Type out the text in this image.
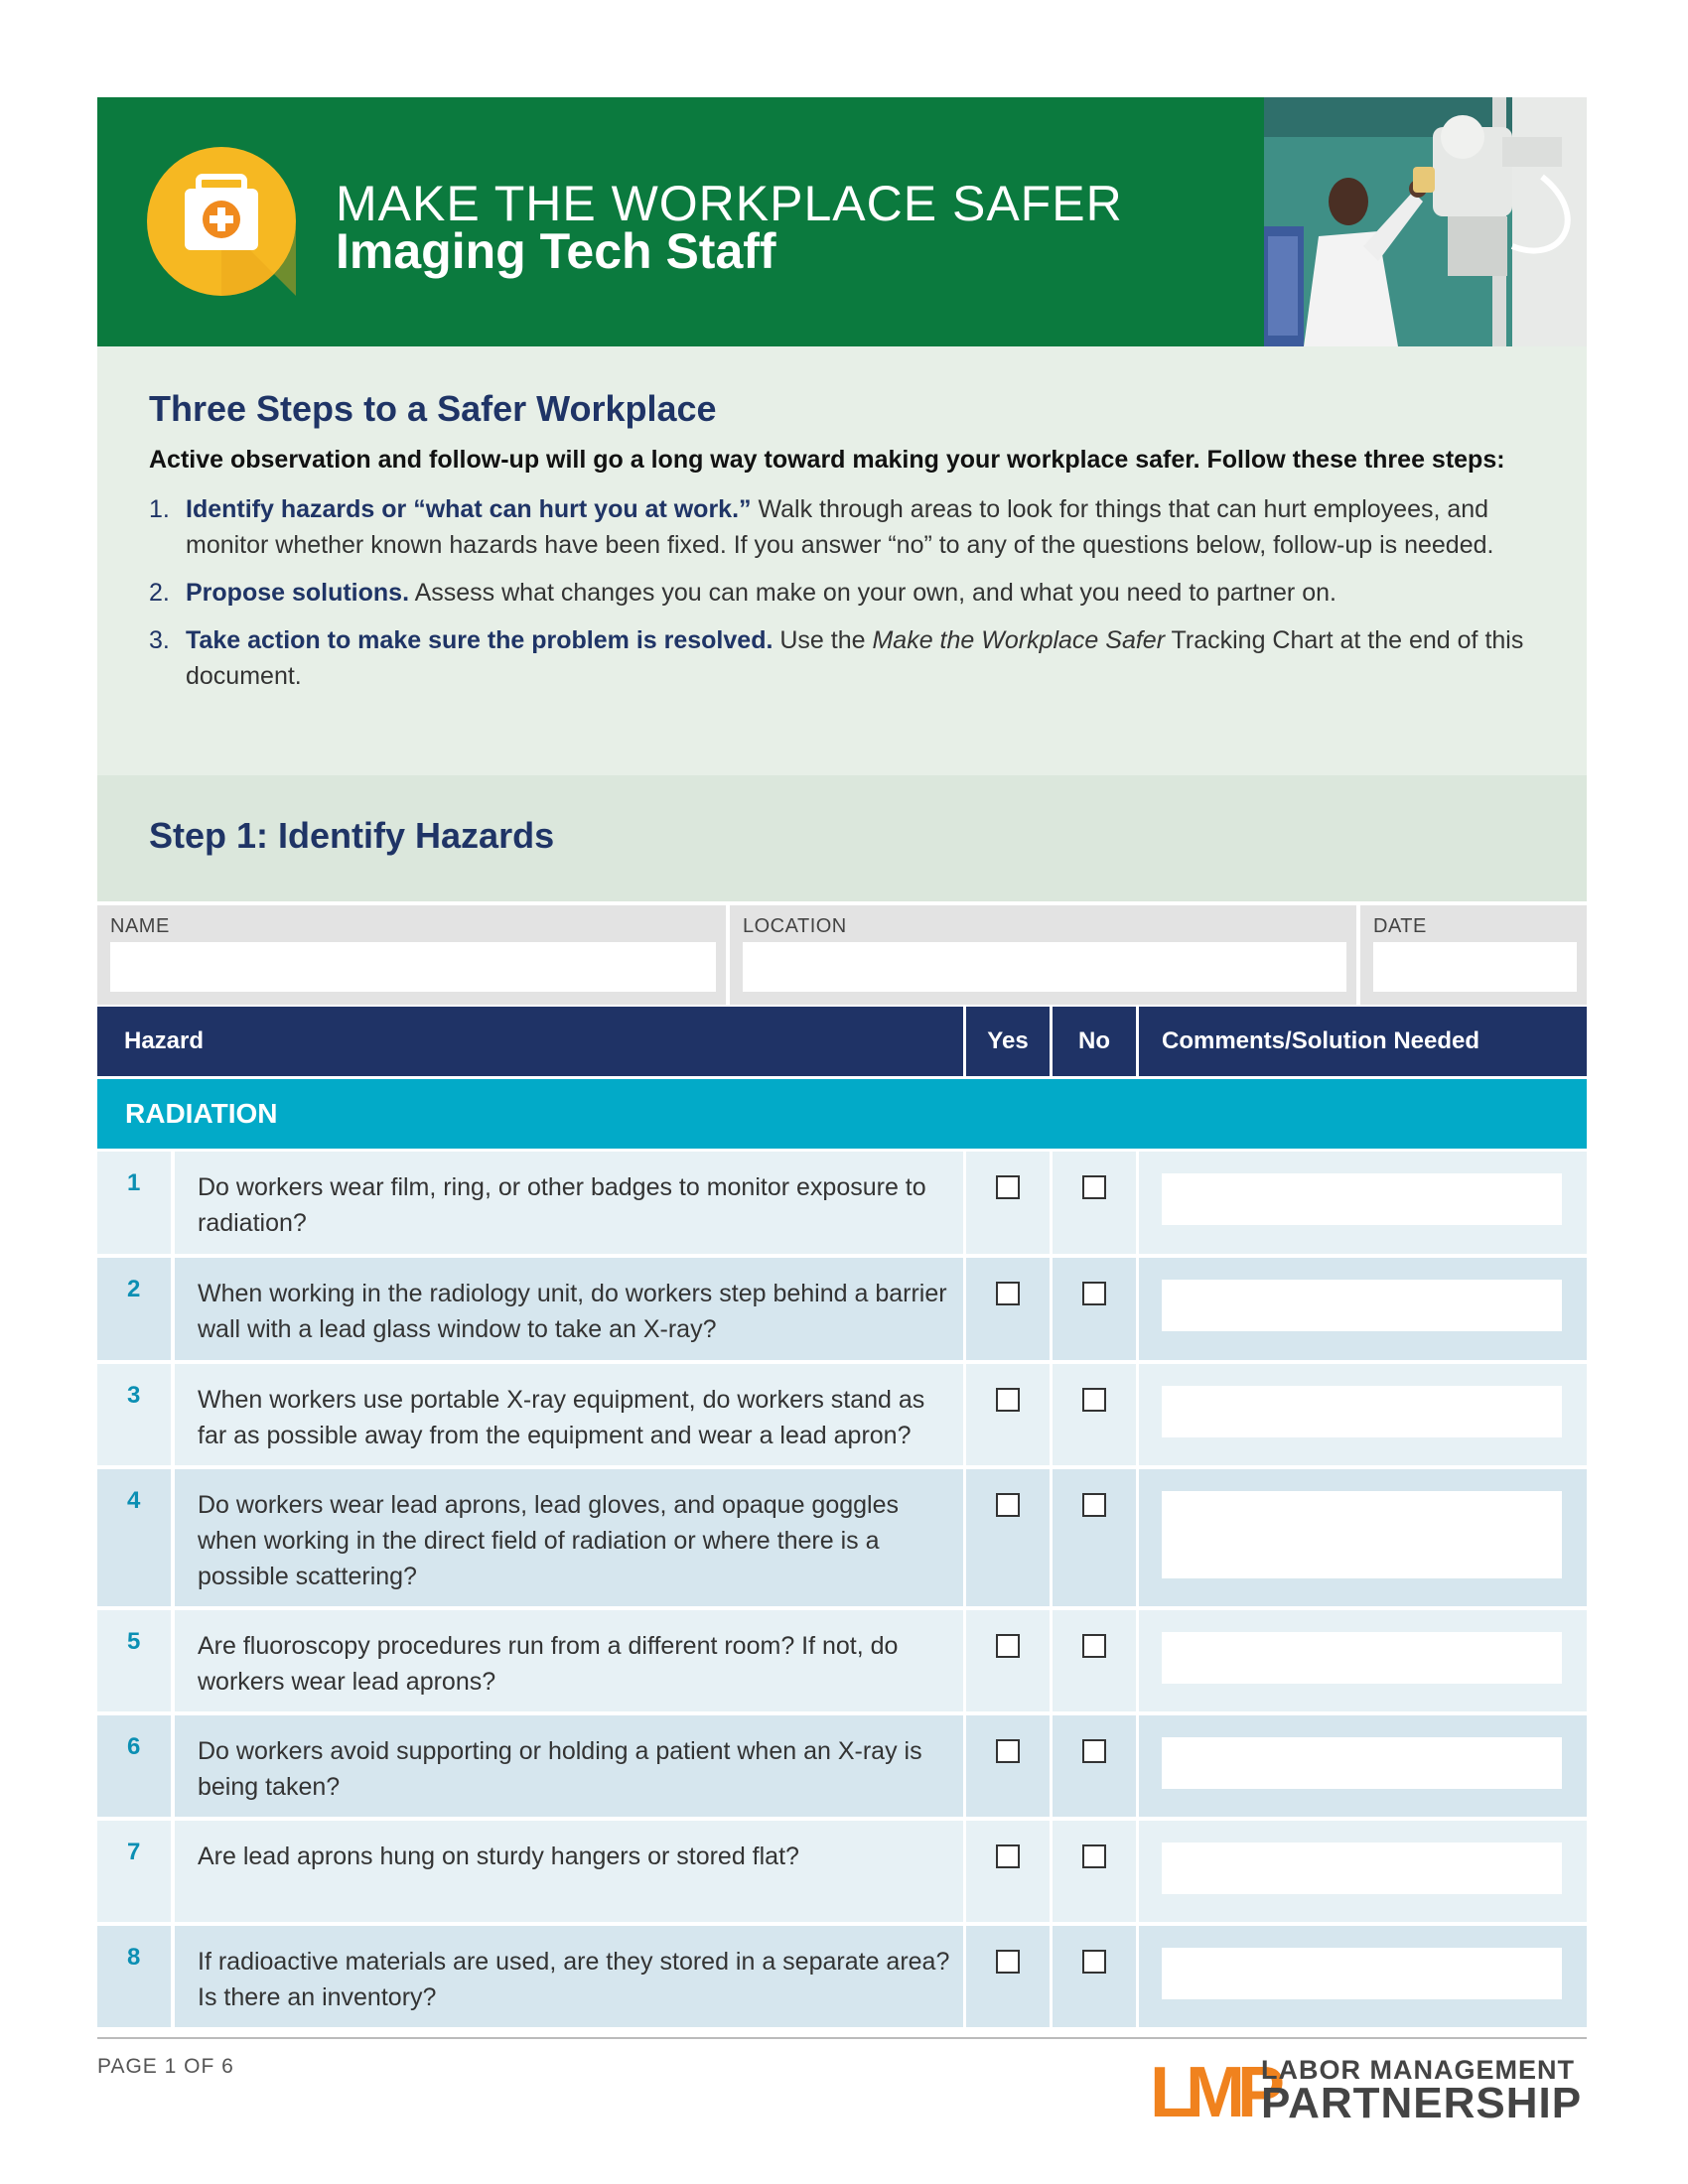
MAKE THE WORKPLACE SAFER
Imaging Tech Staff
Three Steps to a Safer Workplace

Active observation and follow-up will go a long way toward making your workplace safer. Follow these three steps:

1. Identify hazards or “what can hurt you at work.” Walk through areas to look for things that can hurt employees, and monitor whether known hazards have been fixed. If you answer “no” to any of the questions below, follow-up is needed.
2. Propose solutions. Assess what changes you can make on your own, and what you need to partner on.
3. Take action to make sure the problem is resolved. Use the Make the Workplace Safer Tracking Chart at the end of this document.
Step 1: Identify Hazards
NAME	LOCATION	DATE
Hazard	Yes	No	Comments/Solution Needed
RADIATION
1 Do workers wear film, ring, or other badges to monitor exposure to radiation?
2 When working in the radiology unit, do workers step behind a barrier wall with a lead glass window to take an X-ray?
3 When workers use portable X-ray equipment, do workers stand as far as possible away from the equipment and wear a lead apron?
4 Do workers wear lead aprons, lead gloves, and opaque goggles when working in the direct field of radiation or where there is a possible scattering?
5 Are fluoroscopy procedures run from a different room? If not, do workers wear lead aprons?
6 Do workers avoid supporting or holding a patient when an X-ray is being taken?
7 Are lead aprons hung on sturdy hangers or stored flat?
8 If radioactive materials are used, are they stored in a separate area? Is there an inventory?
PAGE 1 OF 6	LMP
LABOR MANAGEMENT
PARTNERSHIP
